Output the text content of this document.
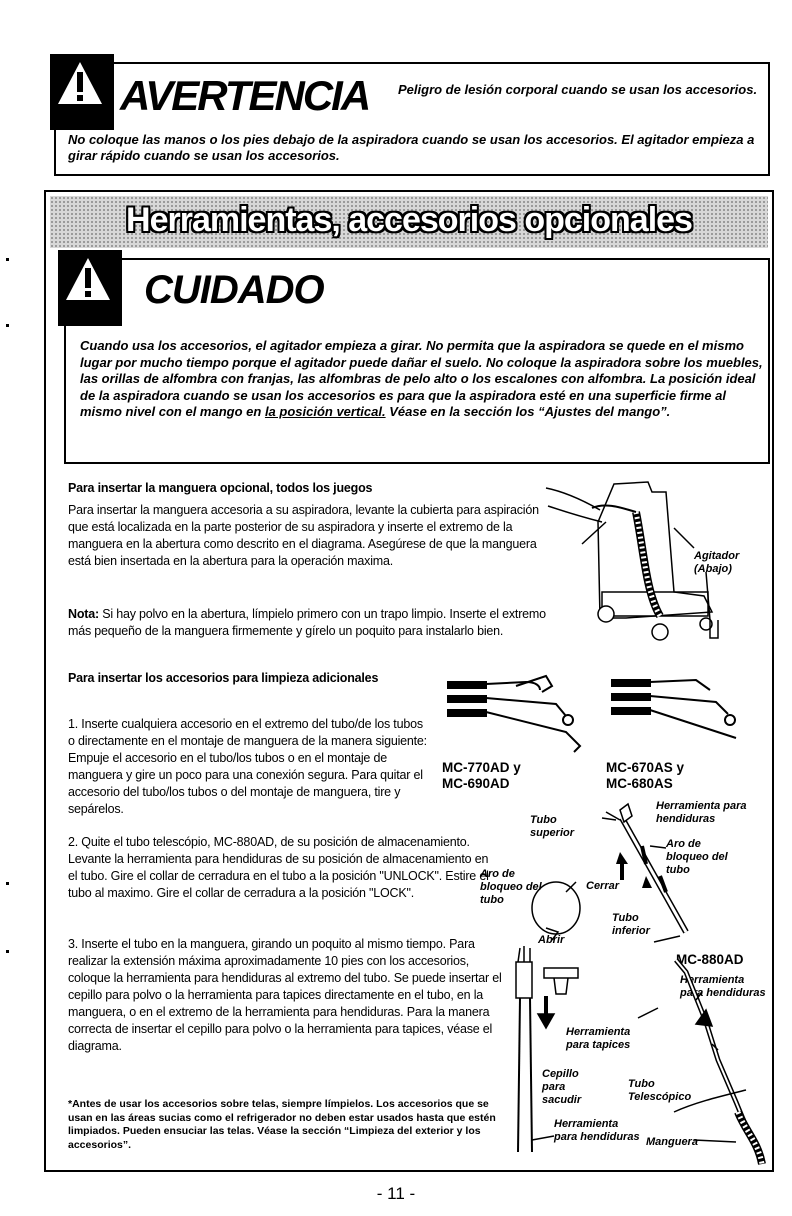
AVERTENCIA Peligro de lesión corporal cuando se usan los accesorios.
No coloque las manos o los pies debajo de la aspiradora cuando se usan los accesorios. El agitador empieza a girar rápido cuando se usan los accesorios.
Herramientas, accesorios opcionales
CUIDADO
Cuando usa los accesorios, el agitador empieza a girar. No permita que la aspiradora se quede en el mismo lugar por mucho tiempo porque el agitador puede dañar el suelo. No coloque la aspiradora sobre los muebles, las orillas de alfombra con franjas, las alfombras de pelo alto o los escalones con alfombra. La posición ideal de la aspiradora cuando se usan los accesorios es para que la aspiradora esté en una superficie firme al mismo nivel con el mango en la posición vertical. Véase en la sección los “Ajustes del mango”.
Para insertar la manguera opcional, todos los juegos
Para insertar la manguera accesoria a su aspiradora, levante la cubierta para aspiración que está localizada en la parte posterior de su aspiradora y inserte el extremo de la manguera en la abertura como descrito en el diagrama. Asegúrese de que la manguera está bien insertada en la abertura para la operación maxima.
Nota: Si hay polvo en la abertura, límpielo primero con un trapo limpio. Inserte el extremo más pequeño de la manguera firmemente y gírelo un poquito para instalarlo bien.
Agitador (Abajo)
Para insertar los accesorios para limpieza adicionales
1. Inserte cualquiera accesorio en el extremo del tubo/de los tubos o directamente en el montaje de manguera de la manera siguiente: Empuje el accesorio en el tubo/los tubos o en el montaje de manguera y gire un poco para una conexión segura. Para quitar el accesorio del tubo/los tubos o del montaje de manguera, tire y sepárelos.
2. Quite el tubo telescópio, MC-880AD, de su posición de almacenamiento. Levante la herramienta para hendiduras de su posición de almacenamiento en el tubo. Gire el collar de cerradura en el tubo a la posición "UNLOCK". Estire el tubo al maximo. Gire el collar de cerradura a la posición "LOCK".
3. Inserte el tubo en la manguera, girando un poquito al mismo tiempo. Para realizar la extensión máxima aproximadamente 10 pies con los accesorios, coloque la herramienta para hendiduras al extremo del tubo. Se puede insertar el cepillo para polvo o la herramienta para tapices directamente en el tubo, en la manguera, o en el extremo de la herramienta para hendiduras. Para la manera correcta de insertar el cepillo para polvo o la herramienta para tapices, véase el diagrama.
*Antes de usar los accesorios sobre telas, siempre límpielos. Los accesorios que se usan en las áreas sucias como el refrigerador no deben estar usados hasta que estén limpiados. Pueden ensuciar las telas. Véase la sección “Limpieza del exterior y los accesorios”.
MC-770AD y MC-690AD
MC-670AS y MC-680AS
Herramienta para hendiduras
Tubo superior
Aro de bloqueo del tubo
Aro de bloqueo del tubo
Cerrar
Abrir
Tubo inferior
MC-880AD
Herramienta para hendiduras
Herramienta para tapices
Cepillo para sacudir
Tubo Telescópico
Herramienta para hendiduras Manguera
- 11 -
